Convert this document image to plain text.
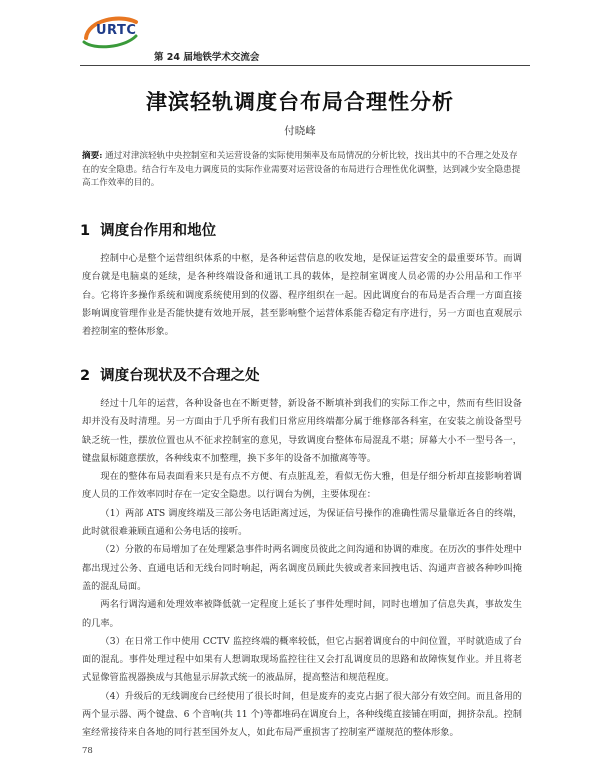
URTC
第 24 届地铁学术交流会
津滨轻轨调度台布局合理性分析
付晓峰
摘要: 通过对津滨轻轨中央控制室和关运营设备的实际使用频率及布局情况的分析比较，找出其中的不合理之处及存在的安全隐患。结合行车及电力调度员的实际作业需要对运营设备的布局进行合理性优化调整，达到减少安全隐患提高工作效率的目的。
1 调度台作用和地位

控制中心是整个运营组织体系的中枢，是各种运营信息的收发地，是保证运营安全的最重要环节。而调度台就是电脑桌的延续，是各种终端设备和通讯工具的载体，是控制室调度人员必需的办公用品和工作平台。它将许多操作系统和调度系统使用到的仪器、程序组织在一起。因此调度台的布局是否合理一方面直接影响调度管理作业是否能快捷有效地开展，甚至影响整个运营体系能否稳定有序进行，另一方面也直观展示着控制室的整体形象。

2 调度台现状及不合理之处

经过十几年的运营，各种设备也在不断更替，新设备不断填补到我们的实际工作之中，然而有些旧设备却并没有及时清理。另一方面由于几乎所有我们日常应用终端都分属于维修部各科室，在安装之前设备型号缺乏统一性，摆放位置也从不征求控制室的意见，导致调度台整体布局混乱不堪；屏幕大小不一型号各一，键盘鼠标随意摆放，各种线束不加整理，换下多年的设备不加撤离等等。

现在的整体布局表面看来只是有点不方便、有点脏乱差，看似无伤大雅，但是仔细分析却直接影响着调度人员的工作效率同时存在一定安全隐患。以行调台为例，主要体现在：

（1）两部 ATS 调度终端及三部公务电话距离过远，为保证信号操作的准确性需尽量靠近各自的终端，此时就很难兼顾直通和公务电话的接听。

（2）分散的布局增加了在处理紧急事件时两名调度员彼此之间沟通和协调的难度。在历次的事件处理中都出现过公务、直通电话和无线台同时响起，两名调度员顾此失彼或者来回拽电话、沟通声音被各种吵叫掩盖的混乱局面。

两名行调沟通和处理效率被降低就一定程度上延长了事件处理时间，同时也增加了信息失真，事故发生的几率。

（3）在日常工作中使用 CCTV 监控终端的概率较低，但它占据着调度台的中间位置，平时就造成了台面的混乱。事件处理过程中如果有人想调取现场监控往往又会打乱调度员的思路和故障恢复作业。并且将老式显像管监视器换成与其他显示屏款式统一的液晶屏，提高整洁和规范程度。

（4）升级后的无线调度台已经使用了很长时间，但是废弃的麦克占据了很大部分有效空间。而且备用的两个显示器、两个键盘、6 个音响(共 11 个)等都堆码在调度台上，各种线缆直接铺在明面，拥挤杂乱。控制室经常接待来自各地的同行甚至国外友人，如此布局严重损害了控制室严谨规范的整体形象。

78
